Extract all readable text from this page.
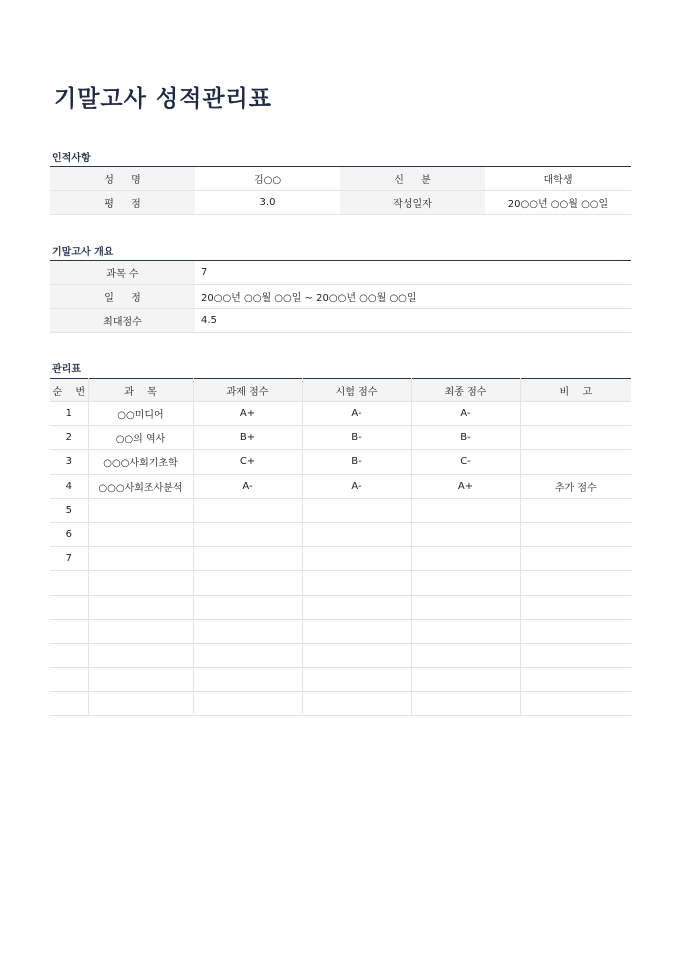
기말고사 성적관리표
인적사항
성 명	김○○	신 분	대학생
평 점	3.0	작성일자	20○○년 ○○월 ○○일
기말고사 개요
과목 수	7
일 정	20○○년 ○○월 ○○일 ~ 20○○년 ○○월 ○○일
최대점수	4.5
관리표
순 번	과 목	과제 점수	시험 점수	최종 점수	비 고
1	○○미디어	A+	A-	A-	
2	○○의 역사	B+	B-	B-	
3	○○○사회기초학	C+	B-	C-	
4	○○○사회조사분석	A-	A-	A+	추가 점수
5					
6					
7					
